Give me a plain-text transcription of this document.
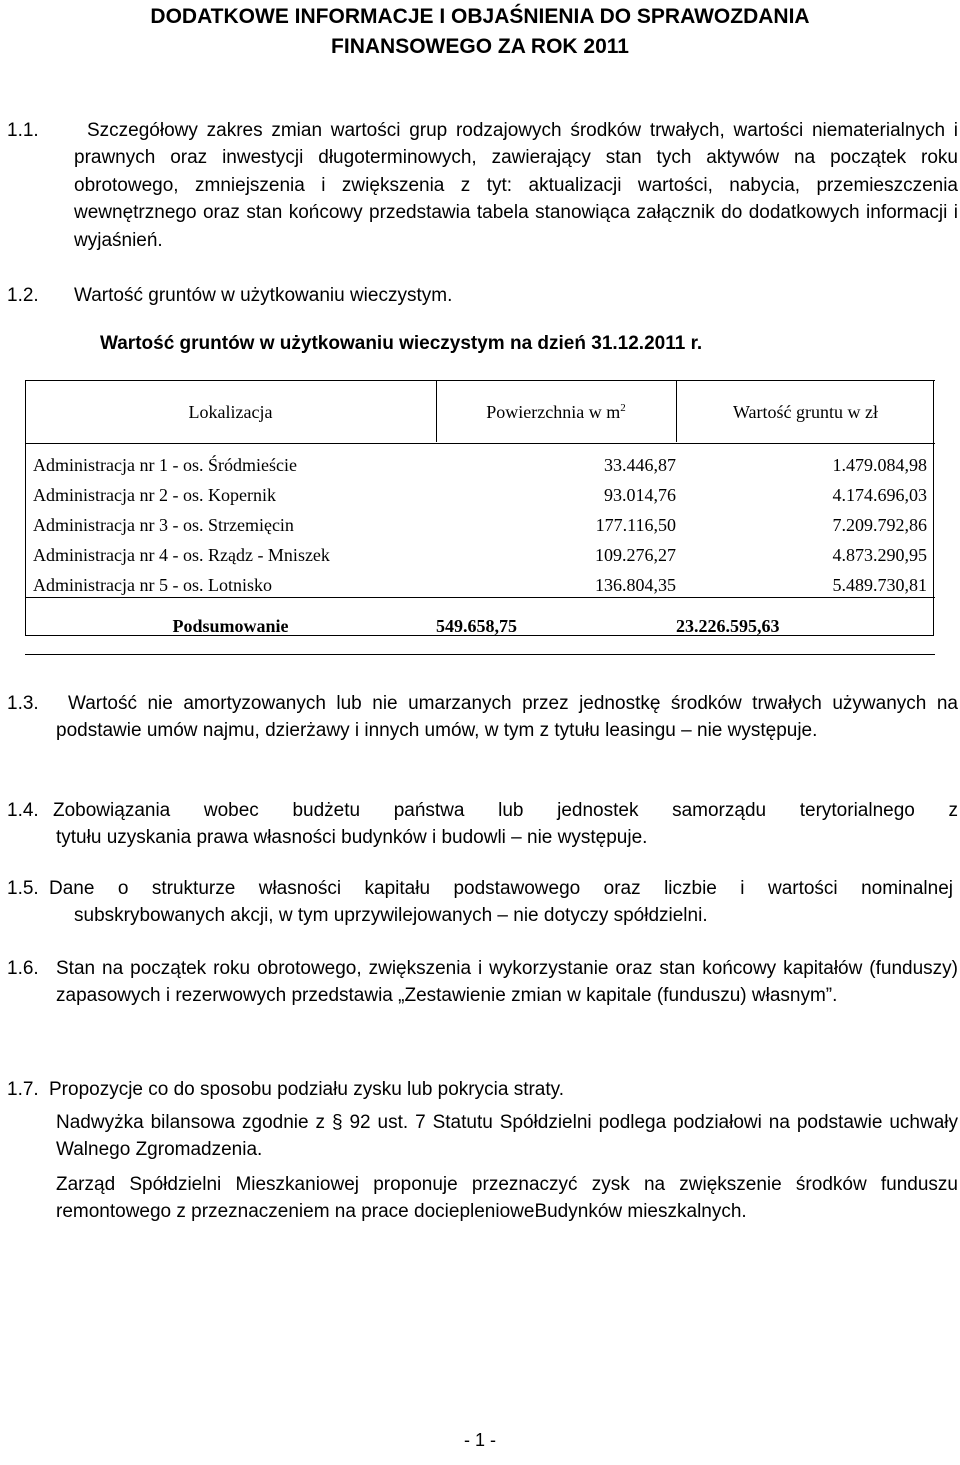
DODATKOWE INFORMACJE I OBJAŚNIENIA DO SPRAWOZDANIA
FINANSOWEGO ZA ROK 2011
1.1.	Szczegółowy zakres zmian wartości grup rodzajowych środków trwałych, wartości niematerialnych i prawnych oraz inwestycji długoterminowych, zawierający stan tych aktywów na początek roku obrotowego, zmniejszenia i zwiększenia z tyt: aktualizacji wartości, nabycia, przemieszczenia wewnętrznego oraz stan końcowy przedstawia tabela stanowiąca załącznik do dodatkowych informacji i wyjaśnień.
1.2. Wartość gruntów w użytkowaniu wieczystym.
Wartość gruntów w użytkowaniu wieczystym na dzień 31.12.2011 r.
Lokalizacja	Powierzchnia w $m^2$	Wartość gruntu w zł
Administracja nr 1 - os. Śródmieście	33.446,87	1.479.084,98
Administracja nr 2 - os. Kopernik	93.014,76	4.174.696,03
Administracja nr 3 - os. Strzemięcin	177.116,50	7.209.792,86
Administracja nr 4 - os. Rządz - Mniszek	109.276,27	4.873.290,95
Administracja nr 5 - os. Lotnisko	136.804,35	5.489.730,81
Podsumowanie	549.658,75	23.226.595,63
1.3.	Wartość nie amortyzowanych lub nie umarzanych przez jednostkę środków trwałych używanych na podstawie umów najmu, dzierżawy i innych umów, w tym z tytułu leasingu – nie występuje.
1.4. Zobowiązania wobec budżetu państwa lub jednostek samorządu terytorialnego z
tytułu uzyskania prawa własności budynków i budowli – nie występuje.
1.5. Dane o strukturze własności kapitału podstawowego oraz liczbie i wartości nominalnej
subskrybowanych akcji, w tym uprzywilejowanych – nie dotyczy spółdzielni.
1.6. Stan na początek roku obrotowego, zwiększenia i wykorzystanie oraz stan końcowy kapitałów (funduszy) zapasowych i rezerwowych przedstawia „Zestawienie zmian w kapitale (funduszu) własnym”.
1.7. Propozycje co do sposobu podziału zysku lub pokrycia straty.
Nadwyżka bilansowa zgodnie z § 92 ust. 7 Statutu Spółdzielni podlega podziałowi na podstawie uchwały Walnego Zgromadzenia.
Zarząd Spółdzielni Mieszkaniowej proponuje przeznaczyć zysk na zwiększenie środków funduszu remontowego z przeznaczeniem na prace docieplenioweBudynków mieszkalnych.
- 1 -
